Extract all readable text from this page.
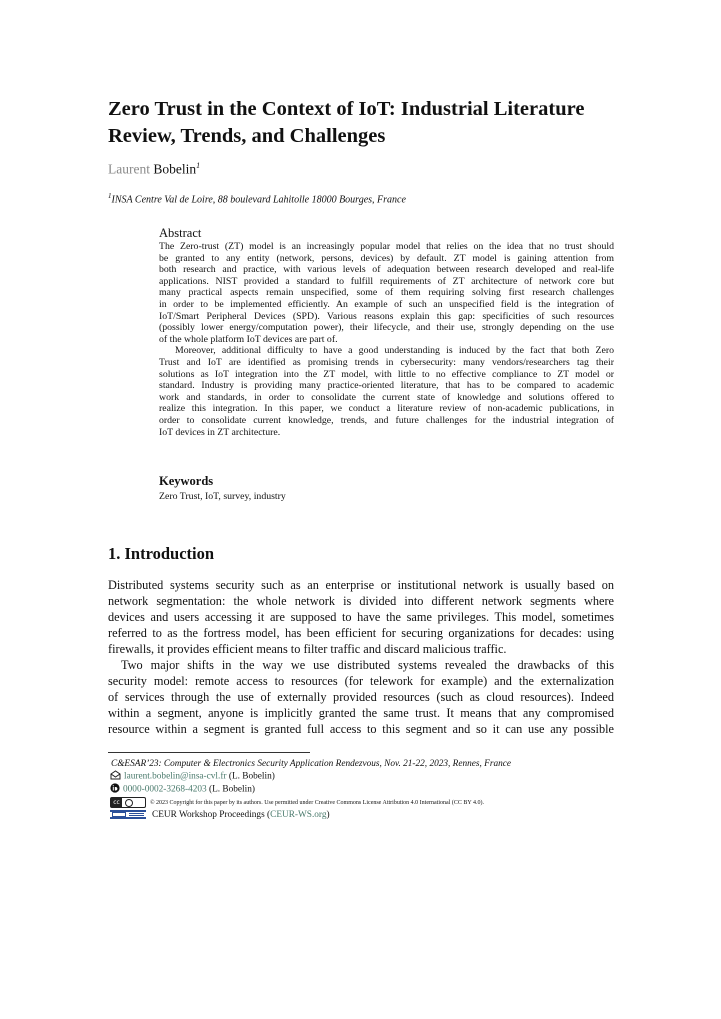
Zero Trust in the Context of IoT: Industrial Literature
Review, Trends, and Challenges
Laurent Bobelin$^1$
$^1$INSA Centre Val de Loire, 88 boulevard Lahitolle 18000 Bourges, France
Abstract
The Zero-trust (ZT) model is an increasingly popular model that relies on the idea that no trust should
be granted to any entity (network, persons, devices) by default. ZT model is gaining attention from
both research and practice, with various levels of adequation between research developed and real-life
applications. NIST provided a standard to fulfill requirements of ZT architecture of network core but
many practical aspects remain unspecified, some of them requiring solving first research challenges
in order to be implemented efficiently. An example of such an unspecified field is the integration of
IoT/Smart Peripheral Devices (SPD). Various reasons explain this gap: specificities of such resources
(possibly lower energy/computation power), their lifecycle, and their use, strongly depending on the use
of the whole platform IoT devices are part of.
Moreover, additional difficulty to have a good understanding is induced by the fact that both Zero
Trust and IoT are identified as promising trends in cybersecurity: many vendors/researchers tag their
solutions as IoT integration into the ZT model, with little to no effective compliance to ZT model or
standard. Industry is providing many practice-oriented literature, that has to be compared to academic
work and standards, in order to consolidate the current state of knowledge and solutions offered to
realize this integration. In this paper, we conduct a literature review of non-academic publications, in
order to consolidate current knowledge, trends, and future challenges for the industrial integration of
IoT devices in ZT architecture.
Keywords
Zero Trust, IoT, survey, industry
1. Introduction
Distributed systems security such as an enterprise or institutional network is usually based on
network segmentation: the whole network is divided into different network segments where
devices and users accessing it are supposed to have the same privileges. This model, sometimes
referred to as the fortress model, has been efficient for securing organizations for decades: using
firewalls, it provides efficient means to filter traffic and discard malicious traffic.
Two major shifts in the way we use distributed systems revealed the drawbacks of this
security model: remote access to resources (for telework for example) and the externalization
of services through the use of externally provided resources (such as cloud resources). Indeed
within a segment, anyone is implicitly granted the same trust. It means that any compromised
resource within a segment is granted full access to this segment and so it can use any possible
C&ESAR’23: Computer & Electronics Security Application Rendezvous, Nov. 21-22, 2023, Rennes, France
laurent.bobelin@insa-cvl.fr (L. Bobelin)
0000-0002-3268-4203 (L. Bobelin)
cc	© 2023 Copyright for this paper by its authors. Use permitted under Creative Commons License Attribution 4.0 International (CC BY 4.0).
CEUR Workshop Proceedings (CEUR-WS.org)
